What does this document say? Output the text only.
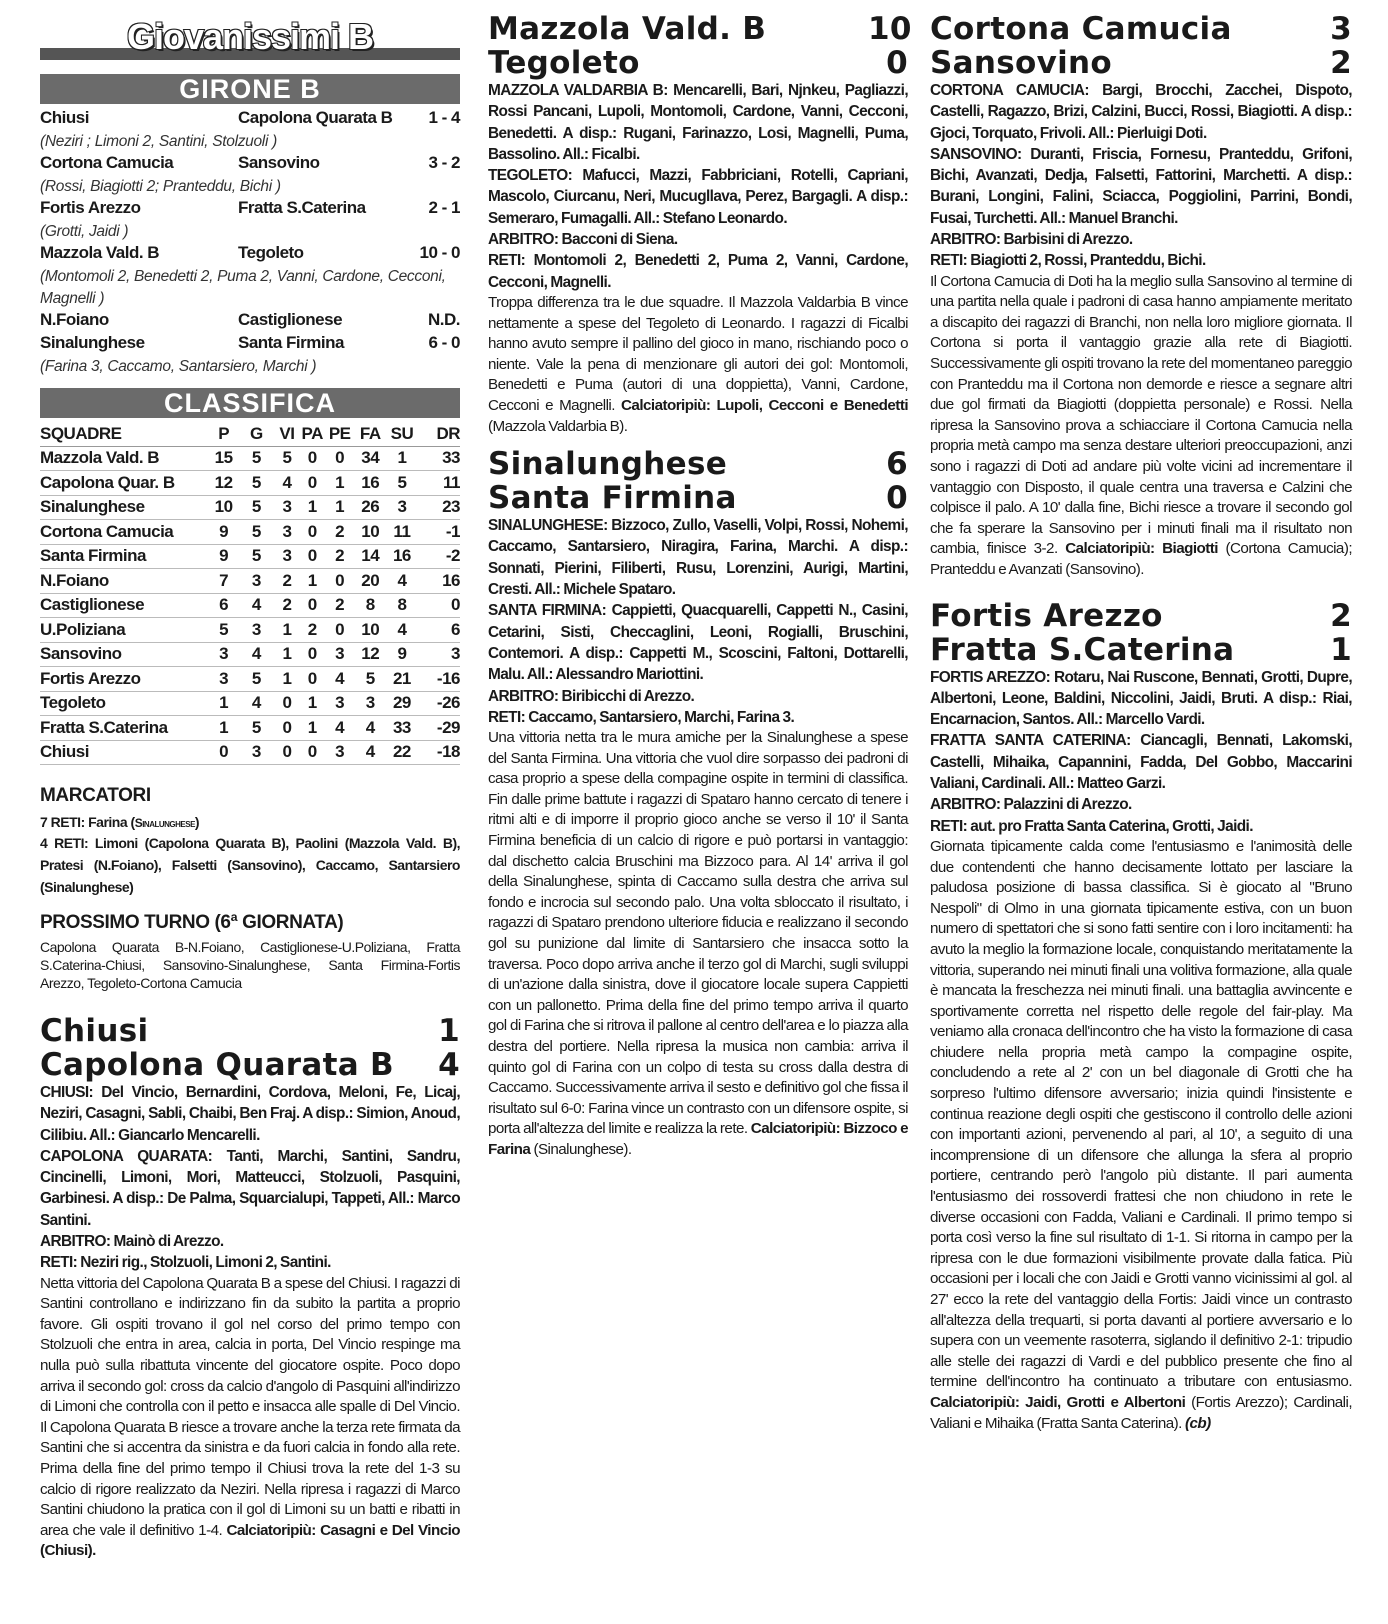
Giovanissimi B
GIRONE B
Chiusi	Capolona Quarata B	1 - 4
(Neziri ; Limoni 2, Santini, Stolzuoli )
Cortona Camucia	Sansovino	3 - 2
(Rossi, Biagiotti 2; Pranteddu, Bichi )
Fortis Arezzo	Fratta S.Caterina	2 - 1
(Grotti, Jaidi )
Mazzola Vald. B	Tegoleto	10 - 0
(Montomoli 2, Benedetti 2, Puma 2, Vanni, Cardone, Cecconi, Magnelli )
N.Foiano	Castiglionese	N.D.
Sinalunghese	Santa Firmina	6 - 0
(Farina 3, Caccamo, Santarsiero, Marchi )
CLASSIFICA
SQUADRE	P	G	VI	PA	PE	FA	SU	DR
Mazzola Vald. B	15	5	5	0	0	34	1	33
Capolona Quar. B	12	5	4	0	1	16	5	11
Sinalunghese	10	5	3	1	1	26	3	23
Cortona Camucia	9	5	3	0	2	10	11	-1
Santa Firmina	9	5	3	0	2	14	16	-2
N.Foiano	7	3	2	1	0	20	4	16
Castiglionese	6	4	2	0	2	8	8	0
U.Poliziana	5	3	1	2	0	10	4	6
Sansovino	3	4	1	0	3	12	9	3
Fortis Arezzo	3	5	1	0	4	5	21	-16
Tegoleto	1	4	0	1	3	3	29	-26
Fratta S.Caterina	1	5	0	1	4	4	33	-29
Chiusi	0	3	0	0	3	4	22	-18
MARCATORI
7 RETI: Farina (Sinalunghese)
4 RETI: Limoni (Capolona Quarata B), Paolini (Mazzola Vald. B), Pratesi (N.Foiano), Falsetti (Sansovino), Caccamo, Santarsiero (Sinalunghese)
PROSSIMO TURNO (6ª GIORNATA)
Capolona Quarata B-N.Foiano, Castiglionese-U.Poliziana, Fratta S.Caterina-Chiusi, Sansovino-Sinalunghese, Santa Firmina-Fortis Arezzo, Tegoleto-Cortona Camucia
Chiusi	1
Capolona Quarata B	4
CHIUSI: Del Vincio, Bernardini, Cordova, Meloni, Fe, Licaj, Neziri, Casagni, Sabli, Chaibi, Ben Fraj. A disp.: Simion, Anoud, Cilibiu. All.: Giancarlo Mencarelli.
CAPOLONA QUARATA: Tanti, Marchi, Santini, Sandru, Cincinelli, Limoni, Mori, Matteucci, Stolzuoli, Pasquini, Garbinesi. A disp.: De Palma, Squarcialupi, Tappeti, All.: Marco Santini.
ARBITRO: Mainò di Arezzo.
RETI: Neziri rig., Stolzuoli, Limoni 2, Santini.
Netta vittoria del Capolona Quarata B a spese del Chiusi. I ragazzi di Santini controllano e indirizzano fin da subito la partita a proprio favore. Gli ospiti trovano il gol nel corso del primo tempo con Stolzuoli che entra in area, calcia in porta, Del Vincio respinge ma nulla può sulla ribattuta vincente del giocatore ospite. Poco dopo arriva il secondo gol: cross da calcio d'angolo di Pasquini all'indirizzo di Limoni che controlla con il petto e insacca alle spalle di Del Vincio. Il Capolona Quarata B riesce a trovare anche la terza rete firmata da Santini che si accentra da sinistra e da fuori calcia in fondo alla rete. Prima della fine del primo tempo il Chiusi trova la rete del 1-3 su calcio di rigore realizzato da Neziri. Nella ripresa i ragazzi di Marco Santini chiudono la pratica con il gol di Limoni su un batti e ribatti in area che vale il definitivo 1-4. Calciatoripiù: Casagni e Del Vincio (Chiusi).
Mazzola Vald. B	10
Tegoleto	0
MAZZOLA VALDARBIA B: Mencarelli, Bari, Njnkeu, Pagliazzi, Rossi Pancani, Lupoli, Montomoli, Cardone, Vanni, Cecconi, Benedetti. A disp.: Rugani, Farinazzo, Losi, Magnelli, Puma, Bassolino. All.: Ficalbi.
TEGOLETO: Mafucci, Mazzi, Fabbriciani, Rotelli, Capriani, Mascolo, Ciurcanu, Neri, Mucugllava, Perez, Bargagli. A disp.: Semeraro, Fumagalli. All.: Stefano Leonardo.
ARBITRO: Bacconi di Siena.
RETI: Montomoli 2, Benedetti 2, Puma 2, Vanni, Cardone, Cecconi, Magnelli.
Troppa differenza tra le due squadre. Il Mazzola Valdarbia B vince nettamente a spese del Tegoleto di Leonardo. I ragazzi di Ficalbi hanno avuto sempre il pallino del gioco in mano, rischiando poco o niente. Vale la pena di menzionare gli autori dei gol: Montomoli, Benedetti e Puma (autori di una doppietta), Vanni, Cardone, Cecconi e Magnelli. Calciatoripiù: Lupoli, Cecconi e Benedetti (Mazzola Valdarbia B).
Sinalunghese	6
Santa Firmina	0
SINALUNGHESE: Bizzoco, Zullo, Vaselli, Volpi, Rossi, Nohemi, Caccamo, Santarsiero, Niragira, Farina, Marchi. A disp.: Sonnati, Pierini, Filiberti, Rusu, Lorenzini, Aurigi, Martini, Cresti. All.: Michele Spataro.
SANTA FIRMINA: Cappietti, Quacquarelli, Cappetti N., Casini, Cetarini, Sisti, Checcaglini, Leoni, Rogialli, Bruschini, Contemori. A disp.: Cappetti M., Scoscini, Faltoni, Dottarelli, Malu. All.: Alessandro Mariottini.
ARBITRO: Biribicchi di Arezzo.
RETI: Caccamo, Santarsiero, Marchi, Farina 3.
Una vittoria netta tra le mura amiche per la Sinalunghese a spese del Santa Firmina. Una vittoria che vuol dire sorpasso dei padroni di casa proprio a spese della compagine ospite in termini di classifica. Fin dalle prime battute i ragazzi di Spataro hanno cercato di tenere i ritmi alti e di imporre il proprio gioco anche se verso il 10' il Santa Firmina beneficia di un calcio di rigore e può portarsi in vantaggio: dal dischetto calcia Bruschini ma Bizzoco para. Al 14' arriva il gol della Sinalunghese, spinta di Caccamo sulla destra che arriva sul fondo e incrocia sul secondo palo. Una volta sbloccato il risultato, i ragazzi di Spataro prendono ulteriore fiducia e realizzano il secondo gol su punizione dal limite di Santarsiero che insacca sotto la traversa. Poco dopo arriva anche il terzo gol di Marchi, sugli sviluppi di un'azione dalla sinistra, dove il giocatore locale supera Cappietti con un pallonetto. Prima della fine del primo tempo arriva il quarto gol di Farina che si ritrova il pallone al centro dell'area e lo piazza alla destra del portiere. Nella ripresa la musica non cambia: arriva il quinto gol di Farina con un colpo di testa su cross dalla destra di Caccamo. Successivamente arriva il sesto e definitivo gol che fissa il risultato sul 6-0: Farina vince un contrasto con un difensore ospite, si porta all'altezza del limite e realizza la rete. Calciatoripiù: Bizzoco e Farina (Sinalunghese).
Cortona Camucia	3
Sansovino	2
CORTONA CAMUCIA: Bargi, Brocchi, Zacchei, Dispoto, Castelli, Ragazzo, Brizi, Calzini, Bucci, Rossi, Biagiotti. A disp.: Gjoci, Torquato, Frivoli. All.: Pierluigi Doti.
SANSOVINO: Duranti, Friscia, Fornesu, Pranteddu, Grifoni, Bichi, Avanzati, Dedja, Falsetti, Fattorini, Marchetti. A disp.: Burani, Longini, Falini, Sciacca, Poggiolini, Parrini, Bondi, Fusai, Turchetti. All.: Manuel Branchi.
ARBITRO: Barbisini di Arezzo.
RETI: Biagiotti 2, Rossi, Pranteddu, Bichi.
Il Cortona Camucia di Doti ha la meglio sulla Sansovino al termine di una partita nella quale i padroni di casa hanno ampiamente meritato a discapito dei ragazzi di Branchi, non nella loro migliore giornata. Il Cortona si porta il vantaggio grazie alla rete di Biagiotti. Successivamente gli ospiti trovano la rete del momentaneo pareggio con Pranteddu ma il Cortona non demorde e riesce a segnare altri due gol firmati da Biagiotti (doppietta personale) e Rossi. Nella ripresa la Sansovino prova a schiacciare il Cortona Camucia nella propria metà campo ma senza destare ulteriori preoccupazioni, anzi sono i ragazzi di Doti ad andare più volte vicini ad incrementare il vantaggio con Disposto, il quale centra una traversa e Calzini che colpisce il palo. A 10' dalla fine, Bichi riesce a trovare il secondo gol che fa sperare la Sansovino per i minuti finali ma il risultato non cambia, finisce 3-2. Calciatoripiù: Biagiotti (Cortona Camucia); Pranteddu e Avanzati (Sansovino).
Fortis Arezzo	2
Fratta S.Caterina	1
FORTIS AREZZO: Rotaru, Nai Ruscone, Bennati, Grotti, Dupre, Albertoni, Leone, Baldini, Niccolini, Jaidi, Bruti. A disp.: Riai, Encarnacion, Santos. All.: Marcello Vardi.
FRATTA SANTA CATERINA: Ciancagli, Bennati, Lakomski, Castelli, Mihaika, Capannini, Fadda, Del Gobbo, Maccarini Valiani, Cardinali. All.: Matteo Garzi.
ARBITRO: Palazzini di Arezzo.
RETI: aut. pro Fratta Santa Caterina, Grotti, Jaidi.
Giornata tipicamente calda come l'entusiasmo e l'animosità delle due contendenti che hanno decisamente lottato per lasciare la paludosa posizione di bassa classifica. Si è giocato al "Bruno Nespoli" di Olmo in una giornata tipicamente estiva, con un buon numero di spettatori che si sono fatti sentire con i loro incitamenti: ha avuto la meglio la formazione locale, conquistando meritatamente la vittoria, superando nei minuti finali una volitiva formazione, alla quale è mancata la freschezza nei minuti finali. una battaglia avvincente e sportivamente corretta nel rispetto delle regole del fair-play. Ma veniamo alla cronaca dell'incontro che ha visto la formazione di casa chiudere nella propria metà campo la compagine ospite, concludendo a rete al 2' con un bel diagonale di Grotti che ha sorpreso l'ultimo difensore avversario; inizia quindi l'insistente e continua reazione degli ospiti che gestiscono il controllo delle azioni con importanti azioni, pervenendo al pari, al 10', a seguito di una incomprensione di un difensore che allunga la sfera al proprio portiere, centrando però l'angolo più distante. Il pari aumenta l'entusiasmo dei rossoverdi frattesi che non chiudono in rete le diverse occasioni con Fadda, Valiani e Cardinali. Il primo tempo si porta così verso la fine sul risultato di 1-1. Si ritorna in campo per la ripresa con le due formazioni visibilmente provate dalla fatica. Più occasioni per i locali che con Jaidi e Grotti vanno vicinissimi al gol. al 27' ecco la rete del vantaggio della Fortis: Jaidi vince un contrasto all'altezza della trequarti, si porta davanti al portiere avversario e lo supera con un veemente rasoterra, siglando il definitivo 2-1: tripudio alle stelle dei ragazzi di Vardi e del pubblico presente che fino al termine dell'incontro ha continuato a tributare con entusiasmo. Calciatoripiù: Jaidi, Grotti e Albertoni (Fortis Arezzo); Cardinali, Valiani e Mihaika (Fratta Santa Caterina). (cb)
